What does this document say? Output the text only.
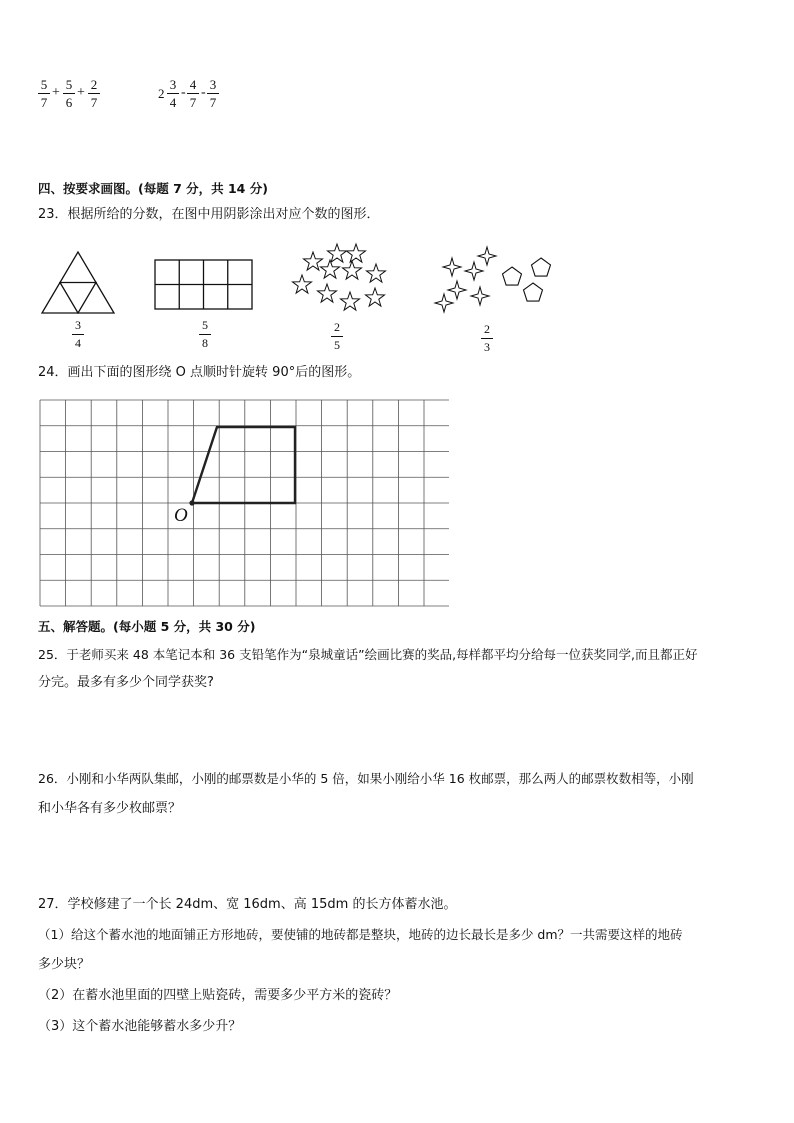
5
7
+
5
6
+
2
7
2
3
4
-
4
7
-
3
7
四、按要求画图。(每题 7 分，共 14 分)
23．根据所给的分数，在图中用阴影涂出对应个数的图形．
3
4
5
8
2
5
2
3
24．画出下面的图形绕 O 点顺时针旋转 90°后的图形。
O
五、解答题。(每小题 5 分，共 30 分)
25．于老师买来 48 本笔记本和 36 支铅笔作为“泉城童话”绘画比赛的奖品,每样都平均分给每一位获奖同学,而且都正好
分完。最多有多少个同学获奖?
26．小刚和小华两队集邮，小刚的邮票数是小华的 5 倍，如果小刚给小华 16 枚邮票，那么两人的邮票枚数相等，小刚
和小华各有多少枚邮票？
27．学校修建了一个长 24dm、宽 16dm、高 15dm 的长方体蓄水池。
（1）给这个蓄水池的地面铺正方形地砖，要使铺的地砖都是整块，地砖的边长最长是多少 dm？一共需要这样的地砖
多少块？
（2）在蓄水池里面的四壁上贴瓷砖，需要多少平方米的瓷砖？
（3）这个蓄水池能够蓄水多少升？
